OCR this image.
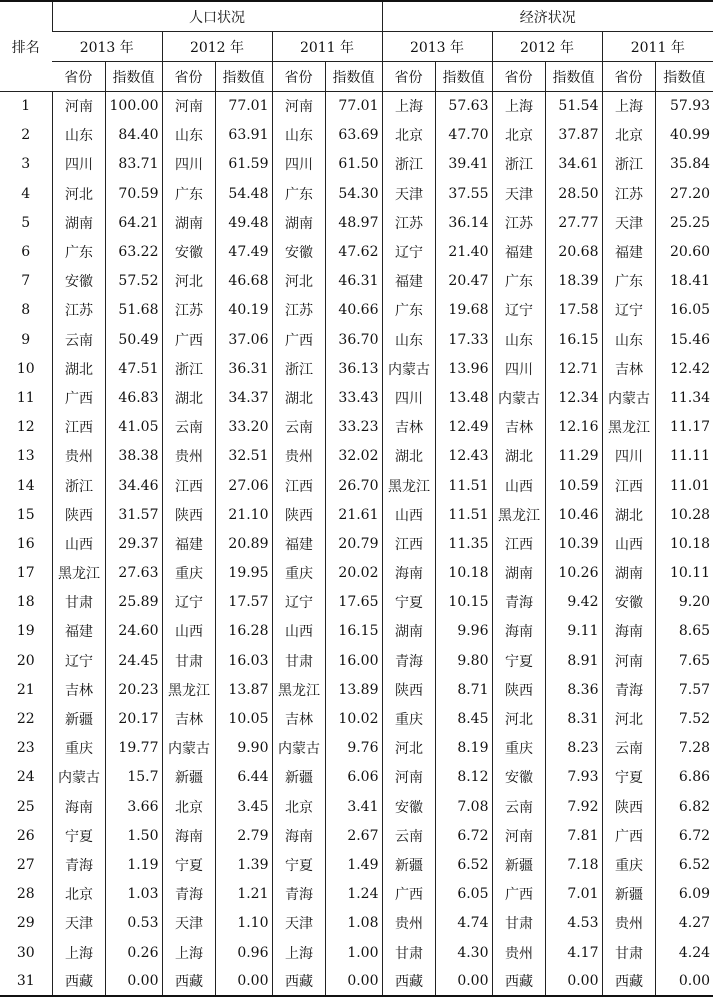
排名	人口状况						经济状况					
	2013 年		2012 年		2011 年		2013 年		2012 年		2011 年	
	省份	指数值	省份	指数值	省份	指数值	省份	指数值	省份	指数值	省份	指数值
1	河南	100.00	河南	77.01	河南	77.01	上海	57.63	上海	51.54	上海	57.93
2	山东	84.40	山东	63.91	山东	63.69	北京	47.70	北京	37.87	北京	40.99
3	四川	83.71	四川	61.59	四川	61.50	浙江	39.41	浙江	34.61	浙江	35.84
4	河北	70.59	广东	54.48	广东	54.30	天津	37.55	天津	28.50	江苏	27.20
5	湖南	64.21	湖南	49.48	湖南	48.97	江苏	36.14	江苏	27.77	天津	25.25
6	广东	63.22	安徽	47.49	安徽	47.62	辽宁	21.40	福建	20.68	福建	20.60
7	安徽	57.52	河北	46.68	河北	46.31	福建	20.47	广东	18.39	广东	18.41
8	江苏	51.68	江苏	40.19	江苏	40.66	广东	19.68	辽宁	17.58	辽宁	16.05
9	云南	50.49	广西	37.06	广西	36.70	山东	17.33	山东	16.15	山东	15.46
10	湖北	47.51	浙江	36.31	浙江	36.13	内蒙古	13.96	四川	12.71	吉林	12.42
11	广西	46.83	湖北	34.37	湖北	33.43	四川	13.48	内蒙古	12.34	内蒙古	11.34
12	江西	41.05	云南	33.20	云南	33.23	吉林	12.49	吉林	12.16	黑龙江	11.17
13	贵州	38.38	贵州	32.51	贵州	32.02	湖北	12.43	湖北	11.29	四川	11.11
14	浙江	34.46	江西	27.06	江西	26.70	黑龙江	11.51	山西	10.59	江西	11.01
15	陕西	31.57	陕西	21.10	陕西	21.61	山西	11.51	黑龙江	10.46	湖北	10.28
16	山西	29.37	福建	20.89	福建	20.79	江西	11.35	江西	10.39	山西	10.18
17	黑龙江	27.63	重庆	19.95	重庆	20.02	海南	10.18	湖南	10.26	湖南	10.11
18	甘肃	25.89	辽宁	17.57	辽宁	17.65	宁夏	10.15	青海	9.42	安徽	9.20
19	福建	24.60	山西	16.28	山西	16.15	湖南	9.96	海南	9.11	海南	8.65
20	辽宁	24.45	甘肃	16.03	甘肃	16.00	青海	9.80	宁夏	8.91	河南	7.65
21	吉林	20.23	黑龙江	13.87	黑龙江	13.89	陕西	8.71	陕西	8.36	青海	7.57
22	新疆	20.17	吉林	10.05	吉林	10.02	重庆	8.45	河北	8.31	河北	7.52
23	重庆	19.77	内蒙古	9.90	内蒙古	9.76	河北	8.19	重庆	8.23	云南	7.28
24	内蒙古	15.7	新疆	6.44	新疆	6.06	河南	8.12	安徽	7.93	宁夏	6.86
25	海南	3.66	北京	3.45	北京	3.41	安徽	7.08	云南	7.92	陕西	6.82
26	宁夏	1.50	海南	2.79	海南	2.67	云南	6.72	河南	7.81	广西	6.72
27	青海	1.19	宁夏	1.39	宁夏	1.49	新疆	6.52	新疆	7.18	重庆	6.52
28	北京	1.03	青海	1.21	青海	1.24	广西	6.05	广西	7.01	新疆	6.09
29	天津	0.53	天津	1.10	天津	1.08	贵州	4.74	甘肃	4.53	贵州	4.27
30	上海	0.26	上海	0.96	上海	1.00	甘肃	4.30	贵州	4.17	甘肃	4.24
31	西藏	0.00	西藏	0.00	西藏	0.00	西藏	0.00	西藏	0.00	西藏	0.00
